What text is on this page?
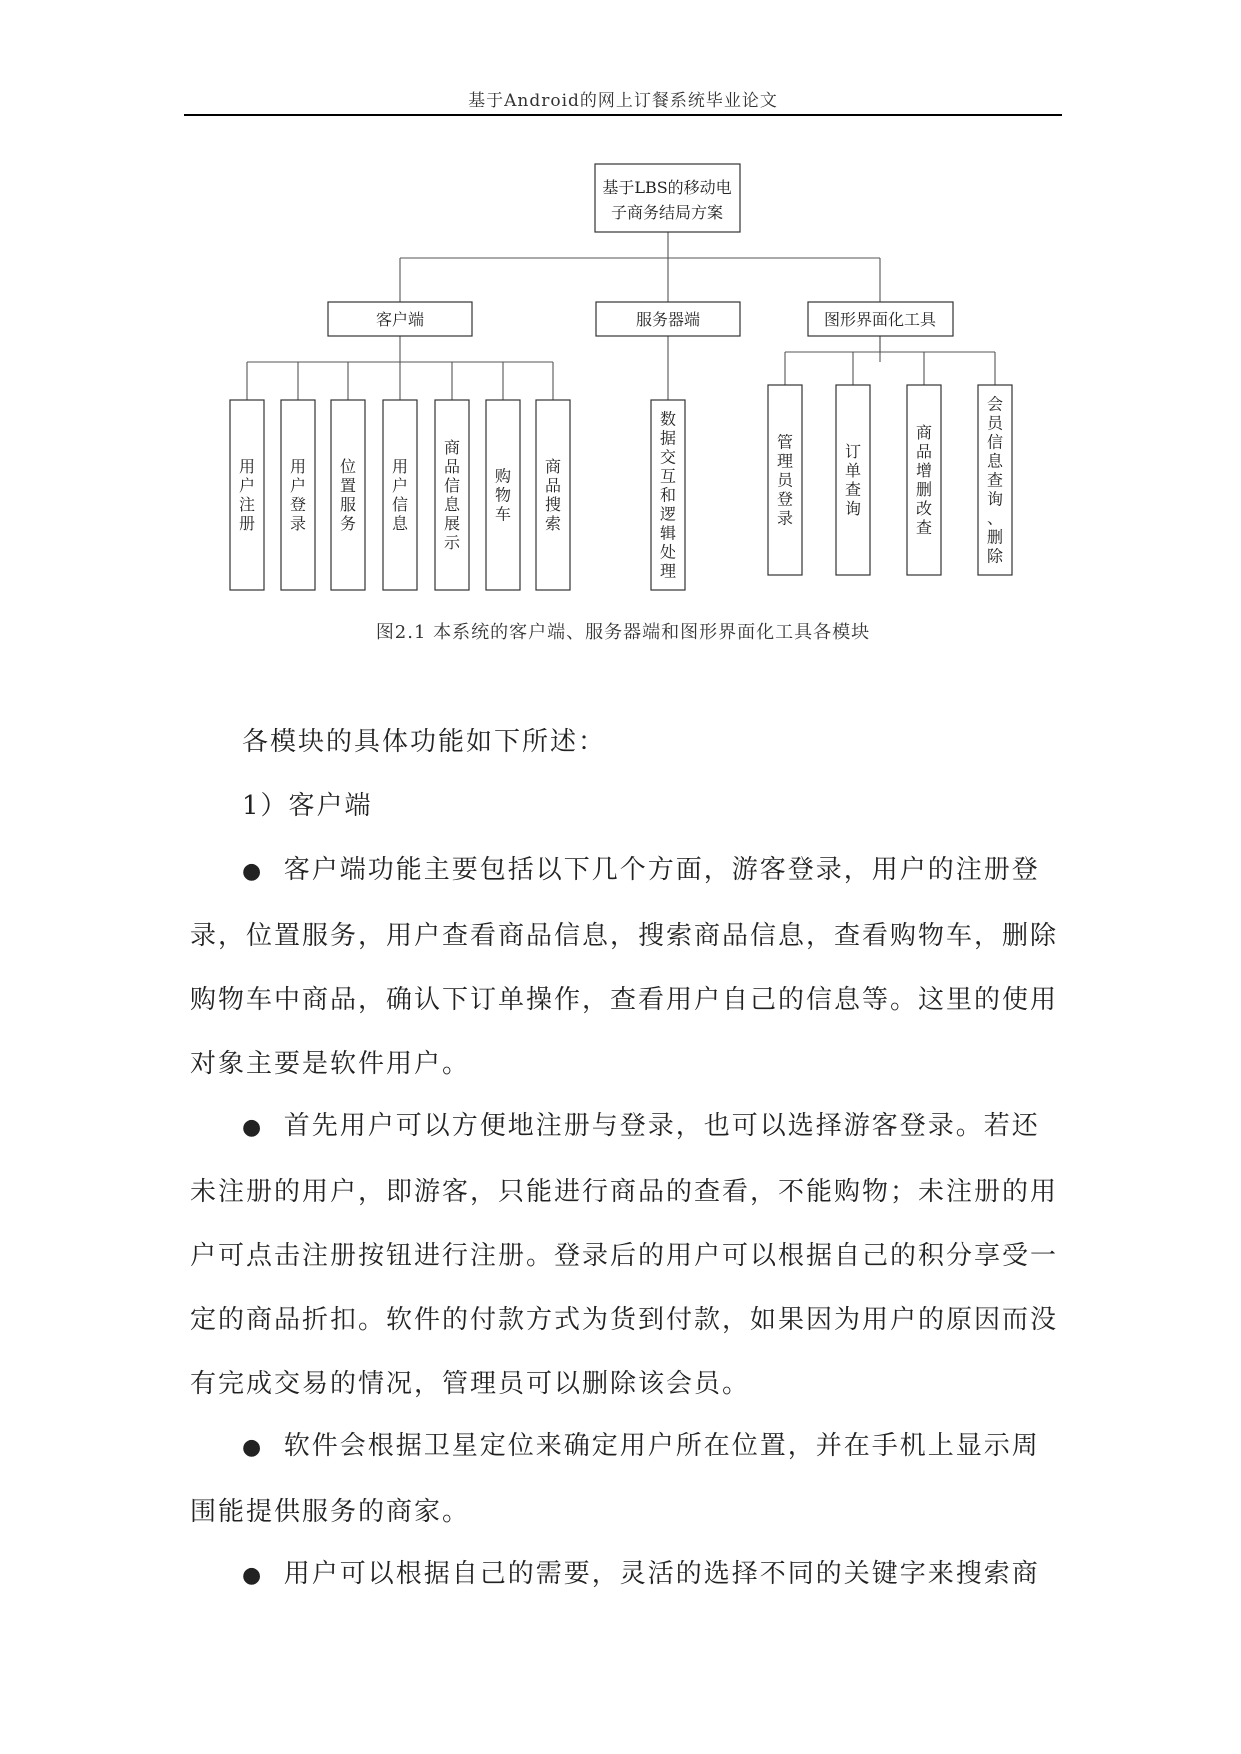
基于Android的网上订餐系统毕业论文
基于LBS的移动电
子商务结局方案
客户端	服务器端	图形界面化工具
用户注册
用户登录
位置服务
用户信息
商品信息展示
购物车
商品搜索
数据交互和逻辑处理
管理员登录
订单查询
商品增删改查
会员信息查询、删除
图2.1 本系统的客户端、服务器端和图形界面化工具各模块

各模块的具体功能如下所述：

1）客户端

● 客户端功能主要包括以下几个方面，游客登录，用户的注册登录，位置服务，用户查看商品信息，搜索商品信息，查看购物车，删除购物车中商品，确认下订单操作，查看用户自己的信息等。这里的使用对象主要是软件用户。

● 首先用户可以方便地注册与登录，也可以选择游客登录。若还未注册的用户，即游客，只能进行商品的查看，不能购物；未注册的用户可点击注册按钮进行注册。登录后的用户可以根据自己的积分享受一定的商品折扣。软件的付款方式为货到付款，如果因为用户的原因而没有完成交易的情况，管理员可以删除该会员。

● 软件会根据卫星定位来确定用户所在位置，并在手机上显示周围能提供服务的商家。

● 用户可以根据自己的需要，灵活的选择不同的关键字来搜索商
